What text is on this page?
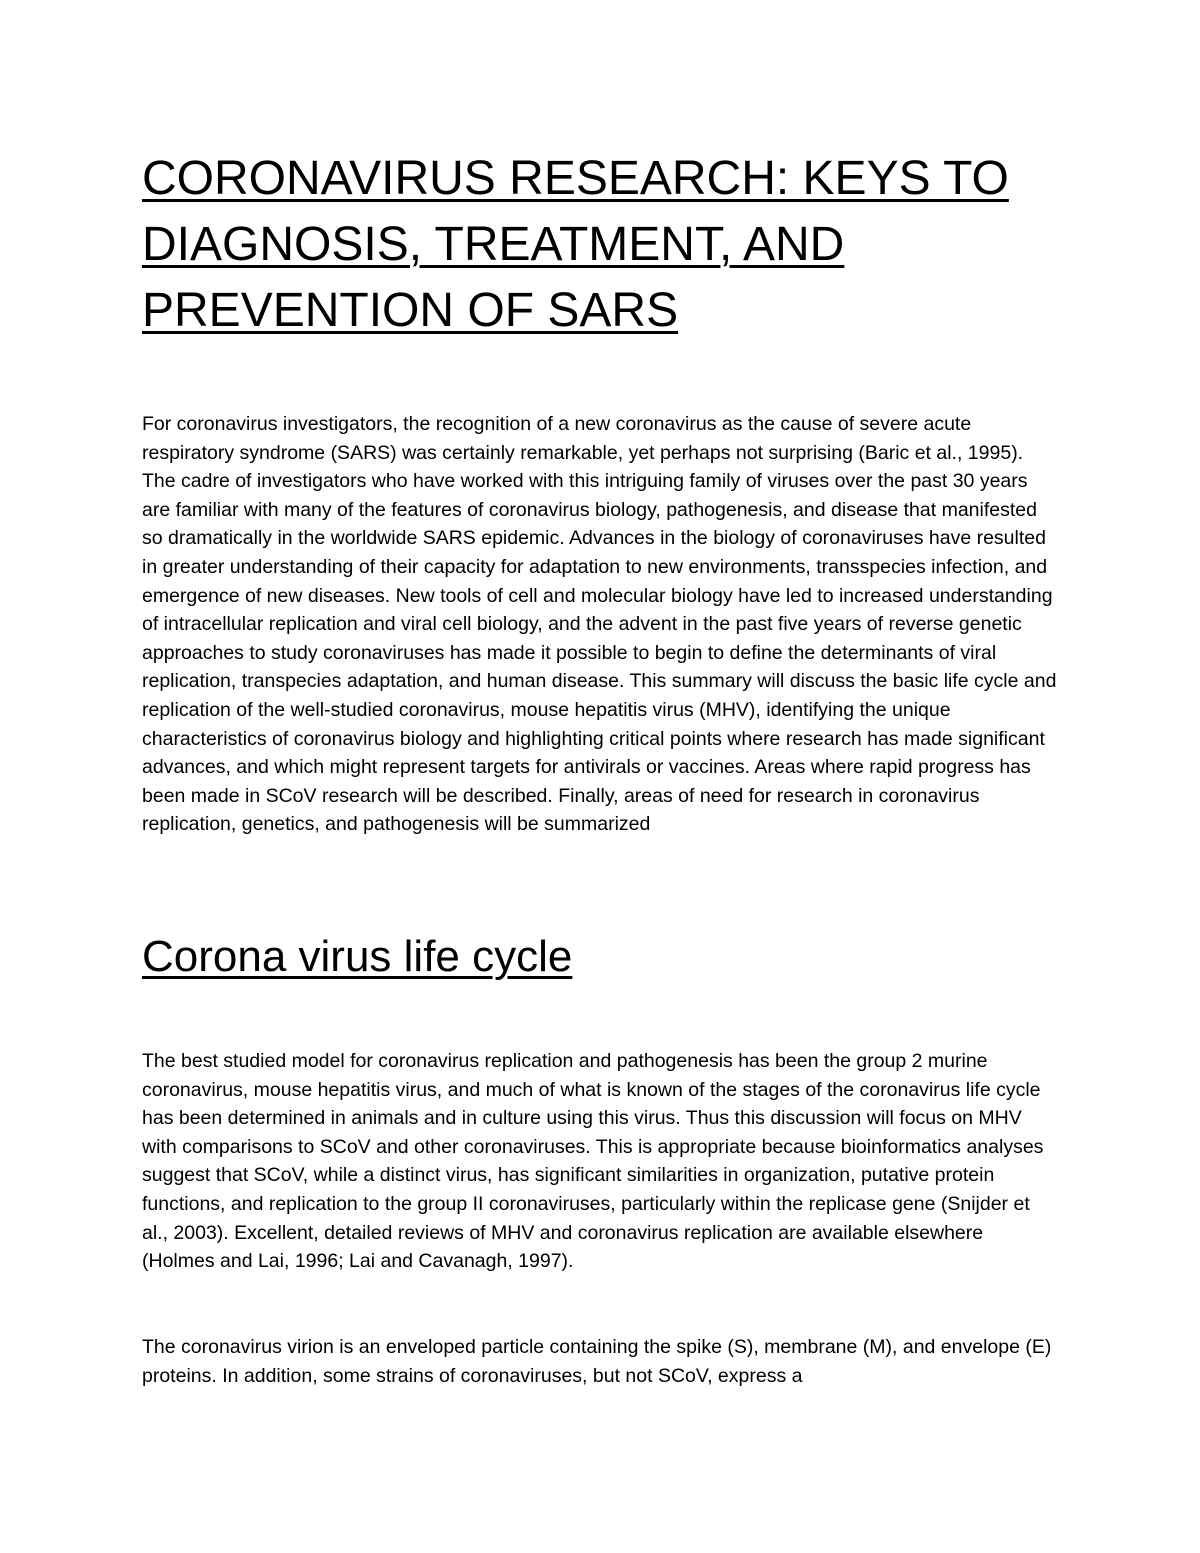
CORONAVIRUS RESEARCH: KEYS TO DIAGNOSIS, TREATMENT, AND PREVENTION OF SARS

For coronavirus investigators, the recognition of a new coronavirus as the cause of severe acute respiratory syndrome (SARS) was certainly remarkable, yet perhaps not surprising (Baric et al., 1995). The cadre of investigators who have worked with this intriguing family of viruses over the past 30 years are familiar with many of the features of coronavirus biology, pathogenesis, and disease that manifested so dramatically in the worldwide SARS epidemic. Advances in the biology of coronaviruses have resulted in greater understanding of their capacity for adaptation to new environments, transspecies infection, and emergence of new diseases. New tools of cell and molecular biology have led to increased understanding of intracellular replication and viral cell biology, and the advent in the past five years of reverse genetic approaches to study coronaviruses has made it possible to begin to define the determinants of viral replication, transpecies adaptation, and human disease. This summary will discuss the basic life cycle and replication of the well-studied coronavirus, mouse hepatitis virus (MHV), identifying the unique characteristics of coronavirus biology and highlighting critical points where research has made significant advances, and which might represent targets for antivirals or vaccines. Areas where rapid progress has been made in SCoV research will be described. Finally, areas of need for research in coronavirus replication, genetics, and pathogenesis will be summarized

Corona virus life cycle

The best studied model for coronavirus replication and pathogenesis has been the group 2 murine coronavirus, mouse hepatitis virus, and much of what is known of the stages of the coronavirus life cycle has been determined in animals and in culture using this virus. Thus this discussion will focus on MHV with comparisons to SCoV and other coronaviruses. This is appropriate because bioinformatics analyses suggest that SCoV, while a distinct virus, has significant similarities in organization, putative protein functions, and replication to the group II coronaviruses, particularly within the replicase gene (Snijder et al., 2003). Excellent, detailed reviews of MHV and coronavirus replication are available elsewhere (Holmes and Lai, 1996; Lai and Cavanagh, 1997).

The coronavirus virion is an enveloped particle containing the spike (S), membrane (M), and envelope (E) proteins. In addition, some strains of coronaviruses, but not SCoV, express a
